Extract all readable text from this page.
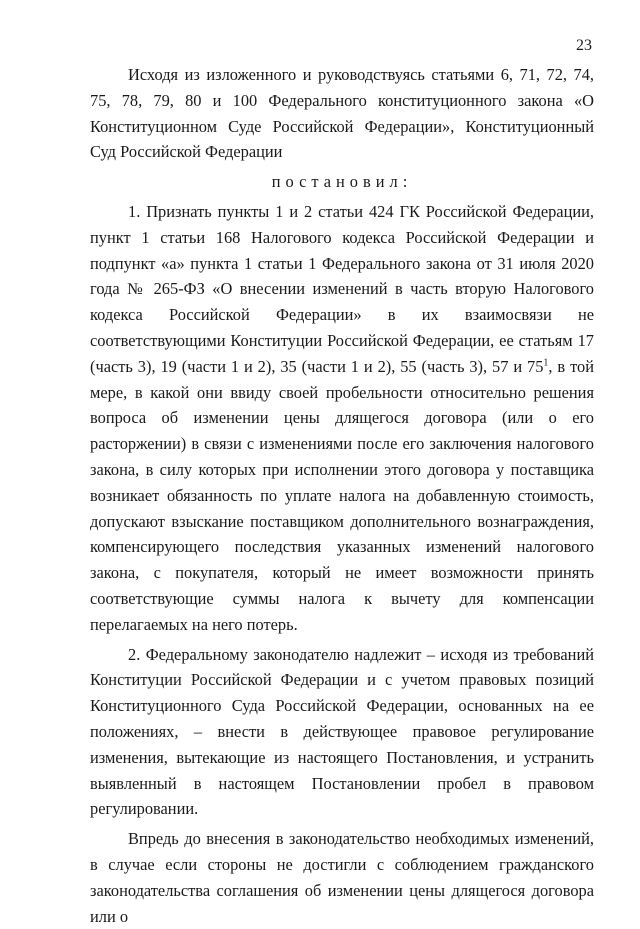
23

Исходя из изложенного и руководствуясь статьями 6, 71, 72, 74, 75, 78, 79, 80 и 100 Федерального конституционного закона «О Конституционном Суде Российской Федерации», Конституционный Суд Российской Федерации

постановил:

1. Признать пункты 1 и 2 статьи 424 ГК Российской Федерации, пункт 1 статьи 168 Налогового кодекса Российской Федерации и подпункт «а» пункта 1 статьи 1 Федерального закона от 31 июля 2020 года № 265-ФЗ «О внесении изменений в часть вторую Налогового кодекса Российской Федерации» в их взаимосвязи не соответствующими Конституции Российской Федерации, ее статьям 17 (часть 3), 19 (части 1 и 2), 35 (части 1 и 2), 55 (часть 3), 57 и $75^1$, в той мере, в какой они ввиду своей пробельности относительно решения вопроса об изменении цены длящегося договора (или о его расторжении) в связи с изменениями после его заключения налогового закона, в силу которых при исполнении этого договора у поставщика возникает обязанность по уплате налога на добавленную стоимость, допускают взыскание поставщиком дополнительного вознаграждения, компенсирующего последствия указанных изменений налогового закона, с покупателя, который не имеет возможности принять соответствующие суммы налога к вычету для компенсации перелагаемых на него потерь.

2. Федеральному законодателю надлежит – исходя из требований Конституции Российской Федерации и с учетом правовых позиций Конституционного Суда Российской Федерации, основанных на ее положениях, – внести в действующее правовое регулирование изменения, вытекающие из настоящего Постановления, и устранить выявленный в настоящем Постановлении пробел в правовом регулировании.

Впредь до внесения в законодательство необходимых изменений, в случае если стороны не достигли с соблюдением гражданского законодательства соглашения об изменении цены длящегося договора или о
